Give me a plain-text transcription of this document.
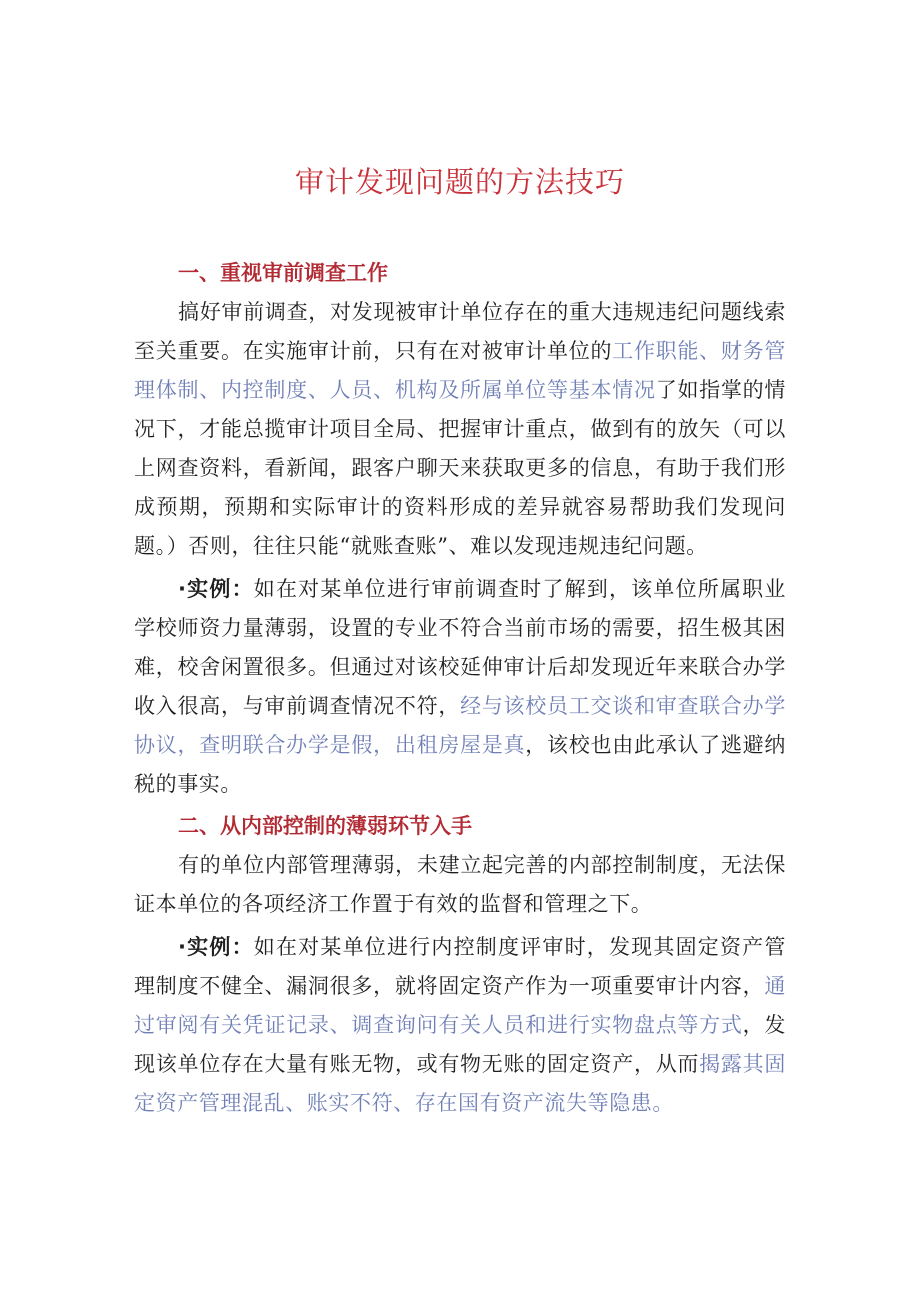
审计发现问题的方法技巧

一、重视审前调查工作

搞好审前调查，对发现被审计单位存在的重大违规违纪问题线索至关重要。在实施审计前，只有在对被审计单位的工作职能、财务管理体制、内控制度、人员、机构及所属单位等基本情况了如指掌的情况下，才能总揽审计项目全局、把握审计重点，做到有的放矢（可以上网查资料，看新闻，跟客户聊天来获取更多的信息，有助于我们形成预期，预期和实际审计的资料形成的差异就容易帮助我们发现问题。）否则，往往只能“就账查账”、难以发现违规违纪问题。

·实例：如在对某单位进行审前调查时了解到，该单位所属职业学校师资力量薄弱，设置的专业不符合当前市场的需要，招生极其困难，校舍闲置很多。但通过对该校延伸审计后却发现近年来联合办学收入很高，与审前调查情况不符，经与该校员工交谈和审查联合办学协议，查明联合办学是假，出租房屋是真，该校也由此承认了逃避纳税的事实。

二、从内部控制的薄弱环节入手

有的单位内部管理薄弱，未建立起完善的内部控制制度，无法保证本单位的各项经济工作置于有效的监督和管理之下。

·实例：如在对某单位进行内控制度评审时，发现其固定资产管理制度不健全、漏洞很多，就将固定资产作为一项重要审计内容，通过审阅有关凭证记录、调查询问有关人员和进行实物盘点等方式，发现该单位存在大量有账无物，或有物无账的固定资产，从而揭露其固定资产管理混乱、账实不符、存在国有资产流失等隐患。
